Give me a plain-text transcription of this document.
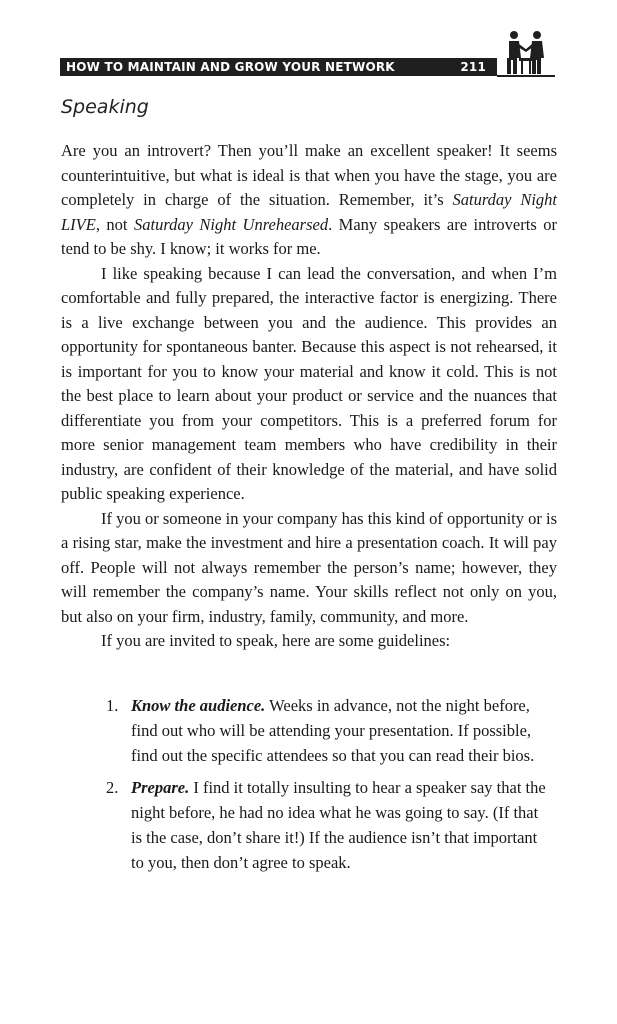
HOW TO MAINTAIN AND GROW YOUR NETWORK	211
Speaking

Are you an introvert? Then you’ll make an excellent speaker! It seems counterintuitive, but what is ideal is that when you have the stage, you are completely in charge of the situation. Remember, it’s Saturday Night LIVE, not Saturday Night Unrehearsed. Many speakers are introverts or tend to be shy. I know; it works for me.

I like speaking because I can lead the conversation, and when I’m comfortable and fully prepared, the interactive factor is energizing. There is a live exchange between you and the audience. This provides an opportunity for spontaneous banter. Because this aspect is not rehearsed, it is important for you to know your material and know it cold. This is not the best place to learn about your product or service and the nuances that differentiate you from your competitors. This is a preferred forum for more senior management team members who have credibility in their industry, are confident of their knowledge of the material, and have solid public speaking experience.

If you or someone in your company has this kind of opportunity or is a rising star, make the investment and hire a presentation coach. It will pay off. People will not always remember the person’s name; however, they will remember the company’s name. Your skills reflect not only on you, but also on your firm, industry, family, community, and more.

If you are invited to speak, here are some guidelines:

1. Know the audience. Weeks in advance, not the night before, find out who will be attending your presentation. If possible, find out the specific attendees so that you can read their bios.
2. Prepare. I find it totally insulting to hear a speaker say that the night before, he had no idea what he was going to say. (If that is the case, don’t share it!) If the audience isn’t that important to you, then don’t agree to speak.
